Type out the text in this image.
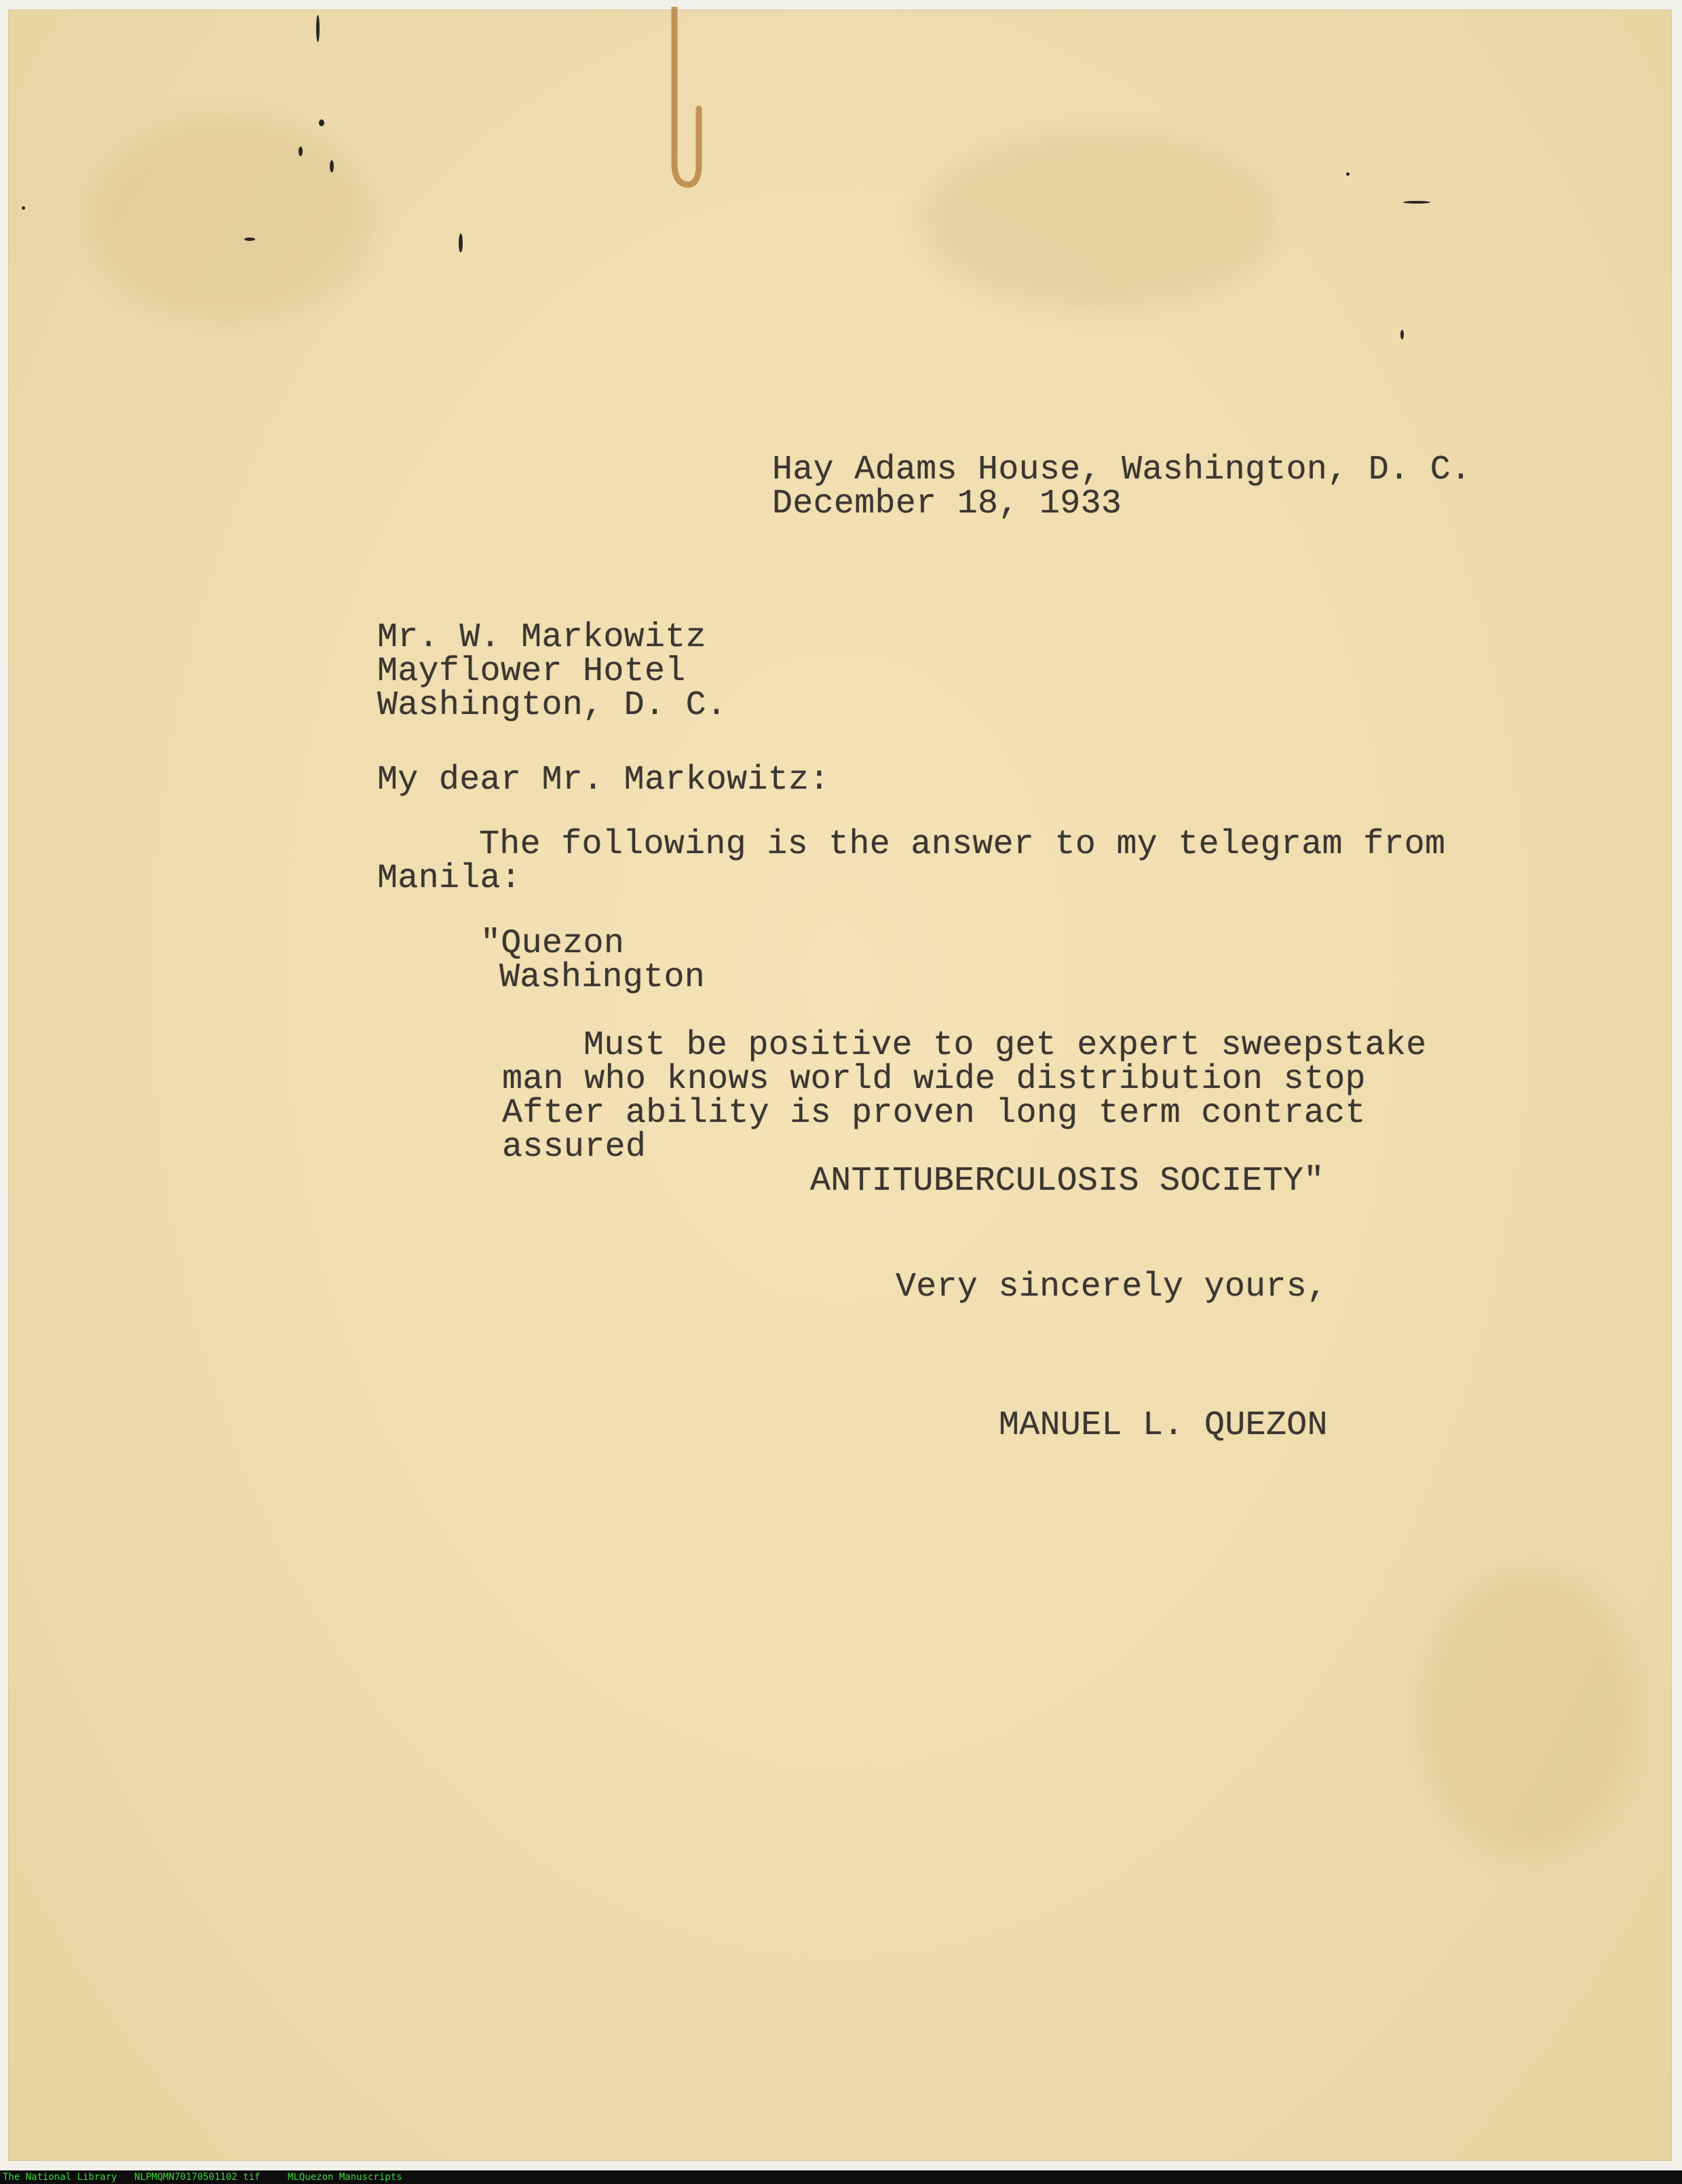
Hay Adams House, Washington, D. C.

December 18, 1933

Mr. W. Markowitz

Mayflower Hotel

Washington, D. C.

My dear Mr. Markowitz:

The following is the answer to my telegram from

Manila:

"Quezon

Washington

Must be positive to get expert sweepstake

man who knows world wide distribution stop

After ability is proven long term contract

assured

ANTITUBERCULOSIS SOCIETY"

Very sincerely yours,

MANUEL L. QUEZON

The National Library

NLPMQMN70170501102 tif

	MLQuezon Manuscripts
